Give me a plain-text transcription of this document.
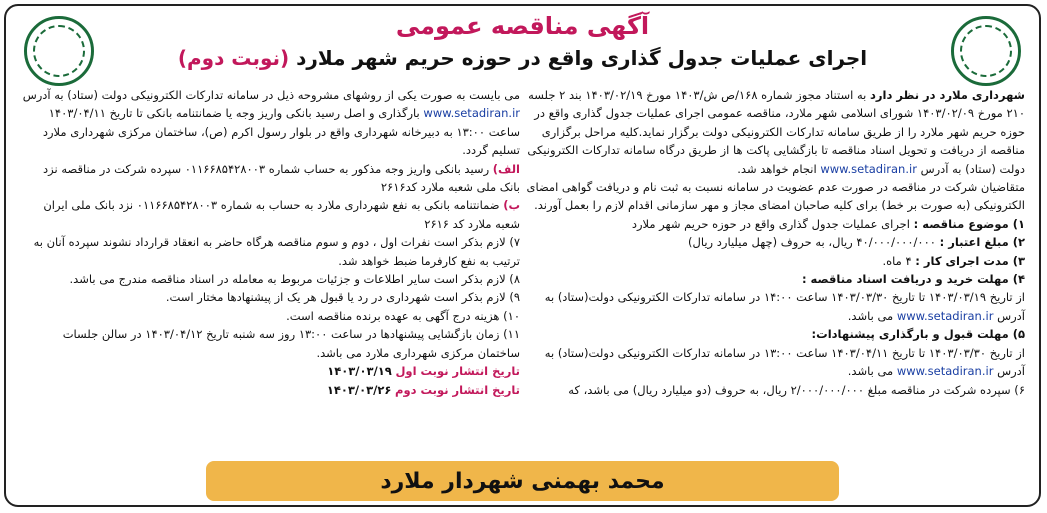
آگهی مناقصه عمومی
اجرای عملیات جدول گذاری واقع در حوزه حریم شهر ملارد (نوبت دوم)

شهرداری ملارد در نظر دارد به استناد مجوز شماره ۱۶۸/ص ش/۱۴۰۳ مورخ ۱۴۰۳/۰۲/۱۹ بند ۲ جلسه ۲۱۰ مورخ ۱۴۰۳/۰۲/۰۹ شورای اسلامی شهر ملارد، مناقصه عمومی اجرای عملیات جدول گذاری واقع در حوزه حریم شهر ملارد را از طریق سامانه تدارکات الکترونیکی دولت برگزار نماید.کلیه مراحل برگزاری مناقصه از دریافت و تحویل اسناد مناقصه تا بازگشایی پاکت ها از طریق درگاه سامانه تدارکات الکترونیکی دولت (ستاد) به آدرس www.setadiran.ir انجام خواهد شد.

متقاضیان شرکت در مناقصه در صورت عدم عضویت در سامانه نسبت به ثبت نام و دریافت گواهی امضای الکترونیکی (به صورت بر خط) برای کلیه صاحبان امضای مجاز و مهر سازمانی اقدام لازم را بعمل آورند.

۱) موضوع مناقصه : اجرای عملیات جدول گذاری واقع در حوزه حریم شهر ملارد

۲) مبلغ اعتبار : ۴۰/۰۰۰/۰۰۰/۰۰۰ ریال، به حروف (چهل میلیارد ریال)

۳) مدت اجرای کار : ۴ ماه.

۴) مهلت خرید و دریافت اسناد مناقصه :

از تاریخ ۱۴۰۳/۰۳/۱۹ تا تاریخ ۱۴۰۳/۰۳/۳۰ ساعت ۱۴:۰۰ در سامانه تدارکات الکترونیکی دولت(ستاد) به آدرس www.setadiran.ir می باشد.

۵) مهلت قبول و بارگذاری پیشنهادات:

از تاریخ ۱۴۰۳/۰۳/۳۰ تا تاریخ ۱۴۰۳/۰۴/۱۱ ساعت ۱۳:۰۰ در سامانه تدارکات الکترونیکی دولت(ستاد) به آدرس www.setadiran.ir می باشد.

۶) سپرده شرکت در مناقصه مبلغ ۲/۰۰۰/۰۰۰/۰۰۰ ریال، به حروف (دو میلیارد ریال) می باشد، که

می بایست به صورت یکی از روشهای مشروحه ذیل در سامانه تدارکات الکترونیکی دولت (ستاد) به آدرس www.setadiran.ir بارگذاری و اصل رسید بانکی واریز وجه یا ضمانتنامه بانکی تا تاریخ ۱۴۰۳/۰۴/۱۱ ساعت ۱۳:۰۰ به دبیرخانه شهرداری واقع در بلوار رسول اکرم (ص)، ساختمان مرکزی شهرداری ملارد تسلیم گردد.

الف) رسید بانکی واریز وجه مذکور به حساب شماره ۰۱۱۶۶۸۵۴۲۸۰۰۳ سپرده شرکت در مناقصه نزد بانک ملی شعبه ملارد کد۲۶۱۶

ب) ضمانتنامه بانکی به نفع شهرداری ملارد به حساب به شماره ۰۱۱۶۶۸۵۴۲۸۰۰۳ نزد بانک ملی ایران شعبه ملارد کد ۲۶۱۶

۷) لازم بذکر است نفرات اول ، دوم و سوم مناقصه هرگاه حاضر به انعقاد قرارداد نشوند سپرده آنان به ترتیب به نفع کارفرما ضبط خواهد شد.

۸) لازم بذکر است سایر اطلاعات و جزئیات مربوط به معامله در اسناد مناقصه مندرج می باشد.

۹) لازم بذکر است شهرداری در رد یا قبول هر یک از پیشنهادها مختار است.

۱۰) هزینه درج آگهی به عهده برنده مناقصه است.

۱۱) زمان بازگشایی پیشنهادها در ساعت ۱۳:۰۰ روز سه شنبه تاریخ ۱۴۰۳/۰۴/۱۲ در سالن جلسات ساختمان مرکزی شهرداری ملارد می باشد.

تاریخ انتشار نوبت اول ۱۴۰۳/۰۳/۱۹

تاریخ انتشار نوبت دوم ۱۴۰۳/۰۳/۲۶

محمد بهمنی شهردار ملارد
